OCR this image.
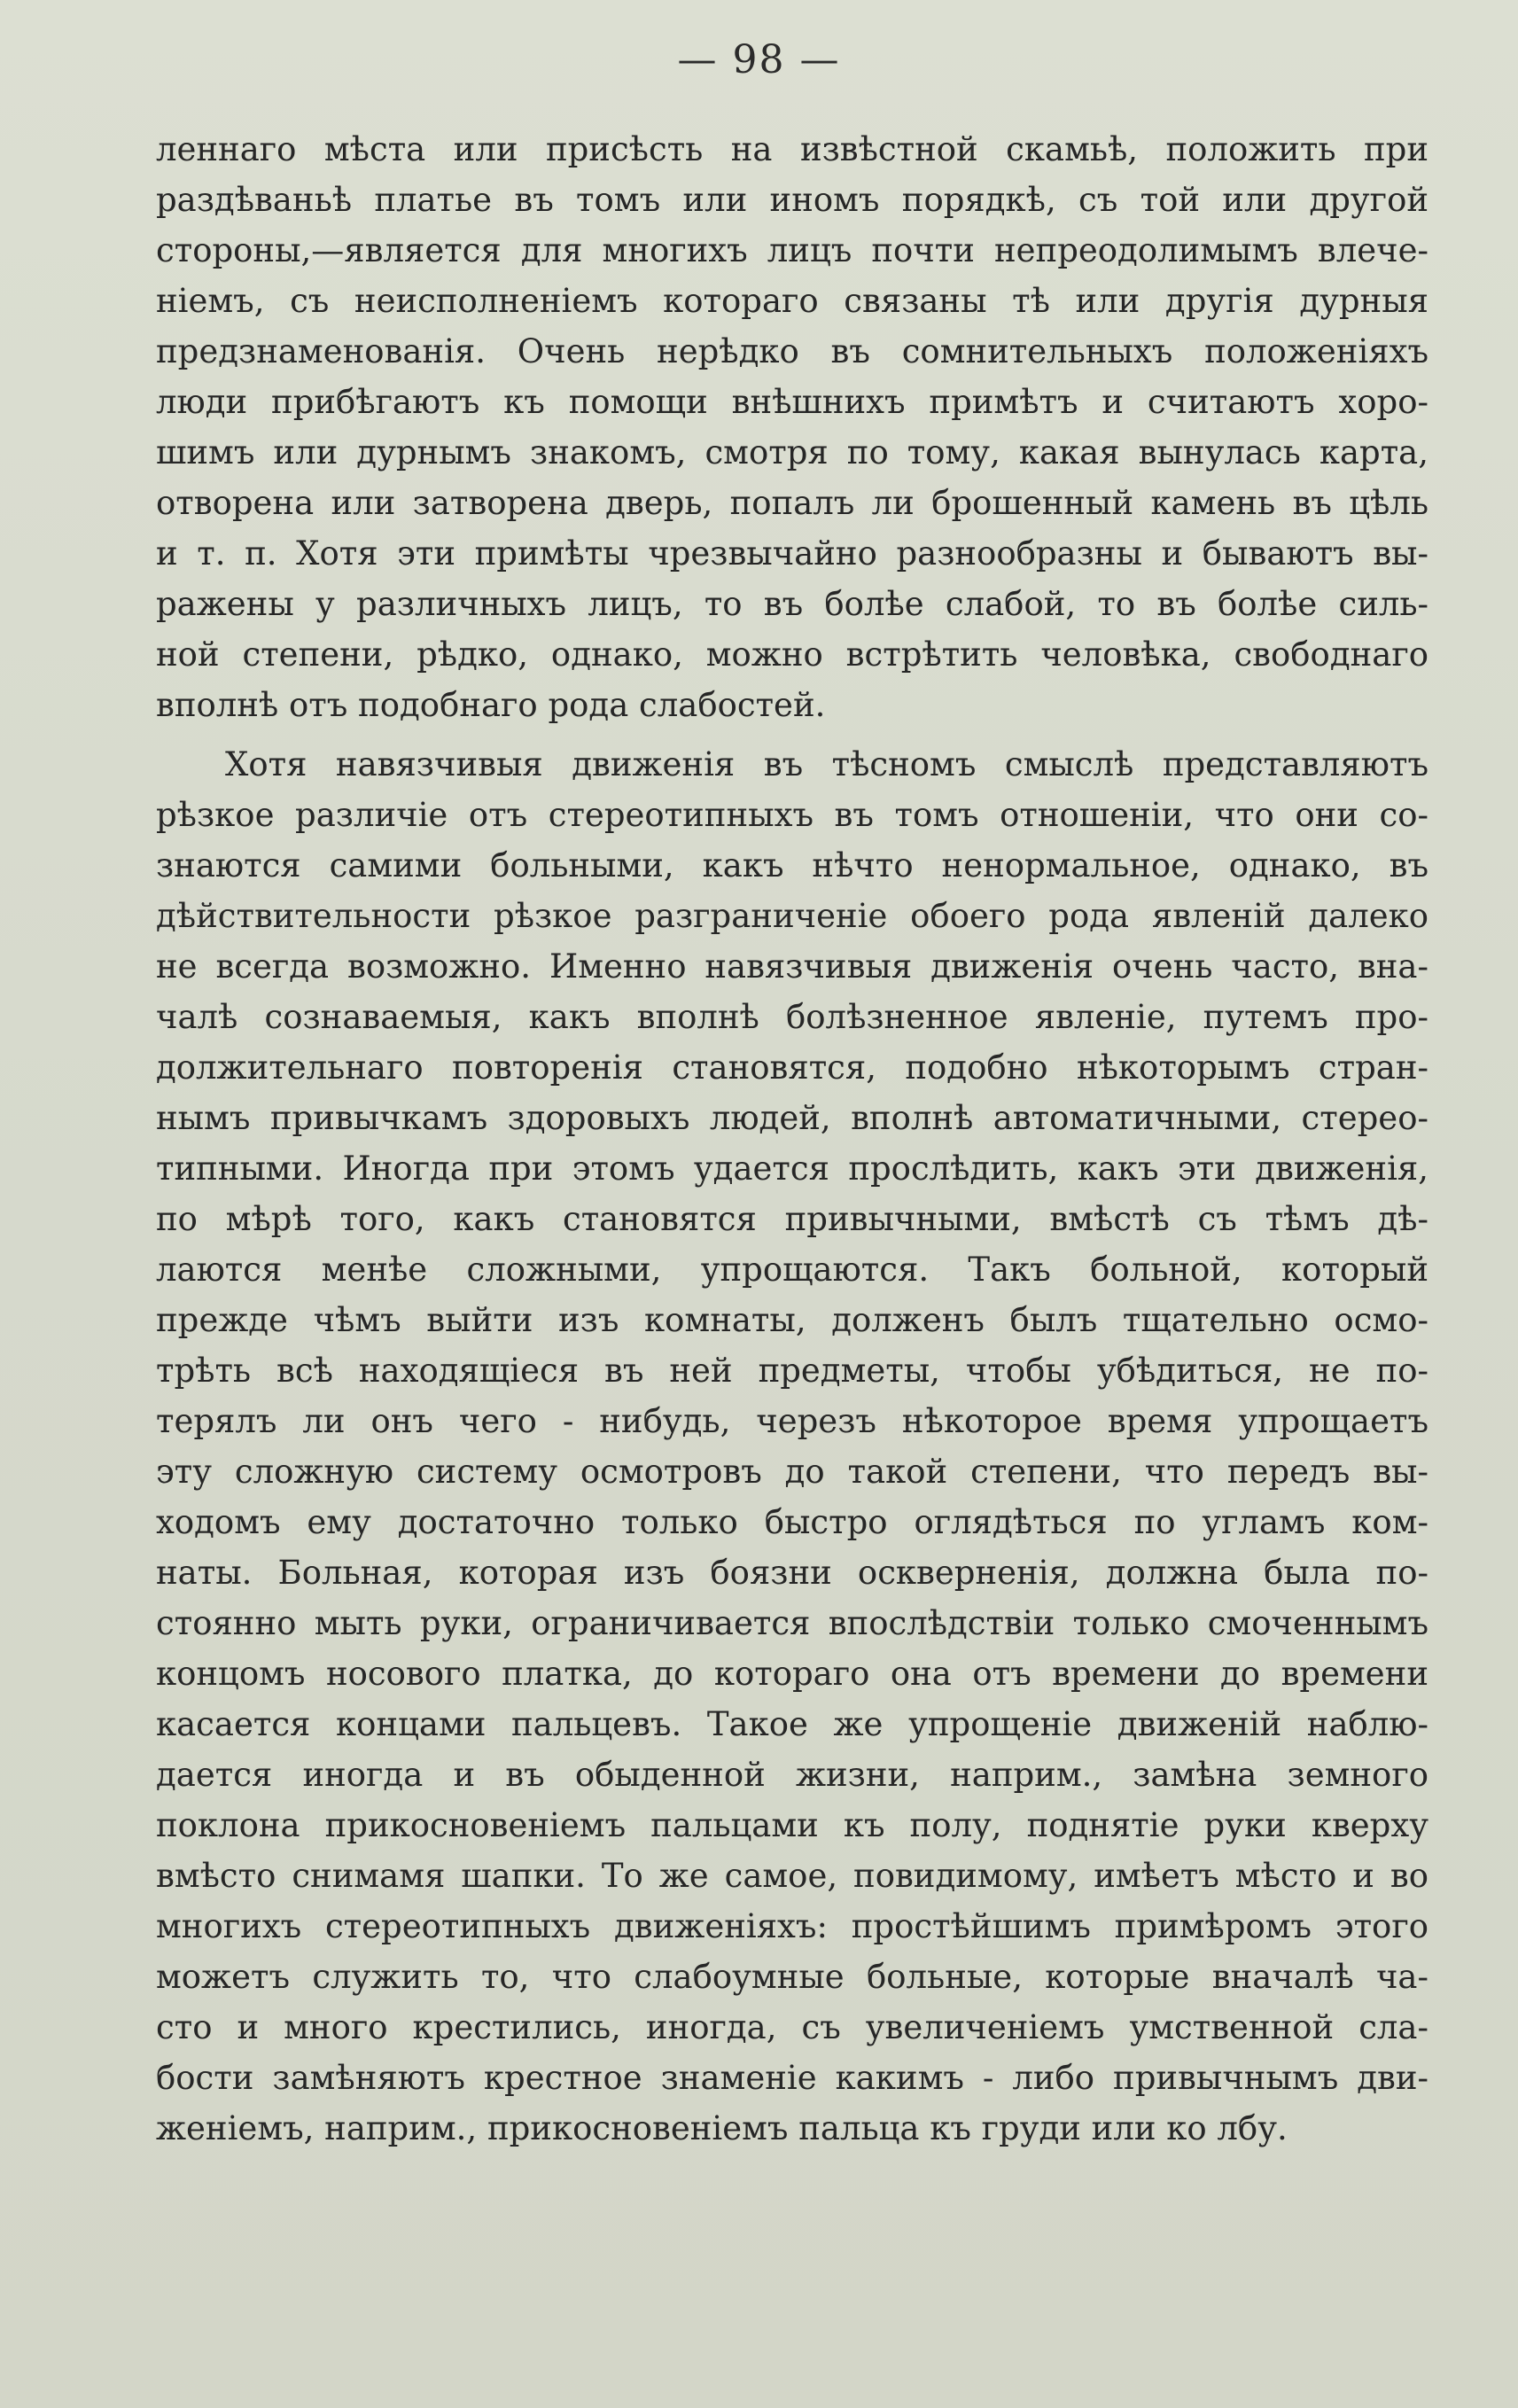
— 98 —

леннаго мѣста или присѣсть на извѣстной скамьѣ, положить при
раздѣваньѣ платье въ томъ или иномъ порядкѣ, съ той или другой
стороны,—является для многихъ лицъ почти непреодолимымъ влече-
ніемъ, съ неисполненіемъ котораго связаны тѣ или другія дурныя
предзнаменованія. Очень нерѣдко въ сомнительныхъ положеніяхъ
люди прибѣгаютъ къ помощи внѣшнихъ примѣтъ и считаютъ хоро-
шимъ или дурнымъ знакомъ, смотря по тому, какая вынулась карта,
отворена или затворена дверь, попалъ ли брошенный камень въ цѣль
и т. п. Хотя эти примѣты чрезвычайно разнообразны и бываютъ вы-
ражены у различныхъ лицъ, то въ болѣе слабой, то въ болѣе силь-
ной степени, рѣдко, однако, можно встрѣтить человѣка, свободнаго
вполнѣ отъ подобнаго рода слабостей.

Хотя навязчивыя движенія въ тѣсномъ смыслѣ представляютъ
рѣзкое различіе отъ стереотипныхъ въ томъ отношеніи, что они со-
знаются самими больными, какъ нѣчто ненормальное, однако, въ
дѣйствительности рѣзкое разграниченіе обоего рода явленій далеко
не всегда возможно. Именно навязчивыя движенія очень часто, вна-
чалѣ сознаваемыя, какъ вполнѣ болѣзненное явленіе, путемъ про-
должительнаго повторенія становятся, подобно нѣкоторымъ стран-
нымъ привычкамъ здоровыхъ людей, вполнѣ автоматичными, стерео-
типными. Иногда при этомъ удается прослѣдить, какъ эти движенія,
по мѣрѣ того, какъ становятся привычными, вмѣстѣ съ тѣмъ дѣ-
лаются менѣе сложными, упрощаются. Такъ больной, который
прежде чѣмъ выйти изъ комнаты, долженъ былъ тщательно осмо-
трѣть всѣ находящіеся въ ней предметы, чтобы убѣдиться, не по-
терялъ ли онъ чего - нибудь, черезъ нѣкоторое время упрощаетъ
эту сложную систему осмотровъ до такой степени, что передъ вы-
ходомъ ему достаточно только быстро оглядѣться по угламъ ком-
наты. Больная, которая изъ боязни оскверненія, должна была по-
стоянно мыть руки, ограничивается впослѣдствіи только смоченнымъ
концомъ носового платка, до котораго она отъ времени до времени
касается концами пальцевъ. Такое же упрощеніе движеній наблю-
дается иногда и въ обыденной жизни, наприм., замѣна земного
поклона прикосновеніемъ пальцами къ полу, поднятіе руки кверху
вмѣсто снимамя шапки. То же самое, повидимому, имѣетъ мѣсто и во
многихъ стереотипныхъ движеніяхъ: простѣйшимъ примѣромъ этого
можетъ служить то, что слабоумные больные, которые вначалѣ ча-
сто и много крестились, иногда, съ увеличеніемъ умственной сла-
бости замѣняютъ крестное знаменіе какимъ - либо привычнымъ дви-
женіемъ, наприм., прикосновеніемъ пальца къ груди или ко лбу.
